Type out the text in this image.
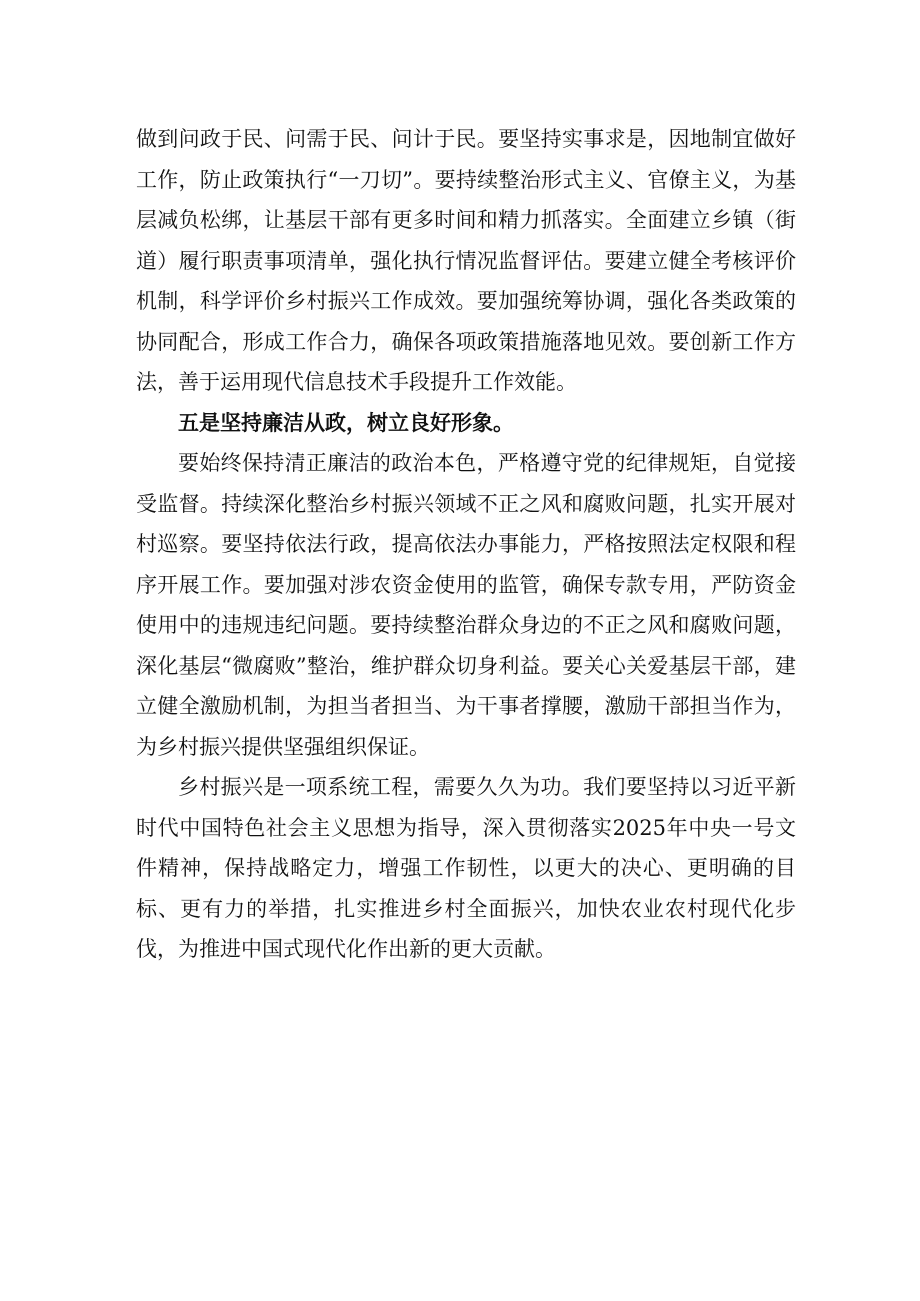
做到问政于民、问需于民、问计于民。要坚持实事求是，因地制宜做好工作，防止政策执行“一刀切”。要持续整治形式主义、官僚主义，为基层减负松绑，让基层干部有更多时间和精力抓落实。全面建立乡镇（街道）履行职责事项清单，强化执行情况监督评估。要建立健全考核评价机制，科学评价乡村振兴工作成效。要加强统筹协调，强化各类政策的协同配合，形成工作合力，确保各项政策措施落地见效。要创新工作方法，善于运用现代信息技术手段提升工作效能。

五是坚持廉洁从政，树立良好形象。

要始终保持清正廉洁的政治本色，严格遵守党的纪律规矩，自觉接受监督。持续深化整治乡村振兴领域不正之风和腐败问题，扎实开展对村巡察。要坚持依法行政，提高依法办事能力，严格按照法定权限和程序开展工作。要加强对涉农资金使用的监管，确保专款专用，严防资金使用中的违规违纪问题。要持续整治群众身边的不正之风和腐败问题，深化基层“微腐败”整治，维护群众切身利益。要关心关爱基层干部，建立健全激励机制，为担当者担当、为干事者撑腰，激励干部担当作为，为乡村振兴提供坚强组织保证。

乡村振兴是一项系统工程，需要久久为功。我们要坚持以习近平新时代中国特色社会主义思想为指导，深入贯彻落实2025年中央一号文件精神，保持战略定力，增强工作韧性，以更大的决心、更明确的目标、更有力的举措，扎实推进乡村全面振兴，加快农业农村现代化步伐，为推进中国式现代化作出新的更大贡献。
